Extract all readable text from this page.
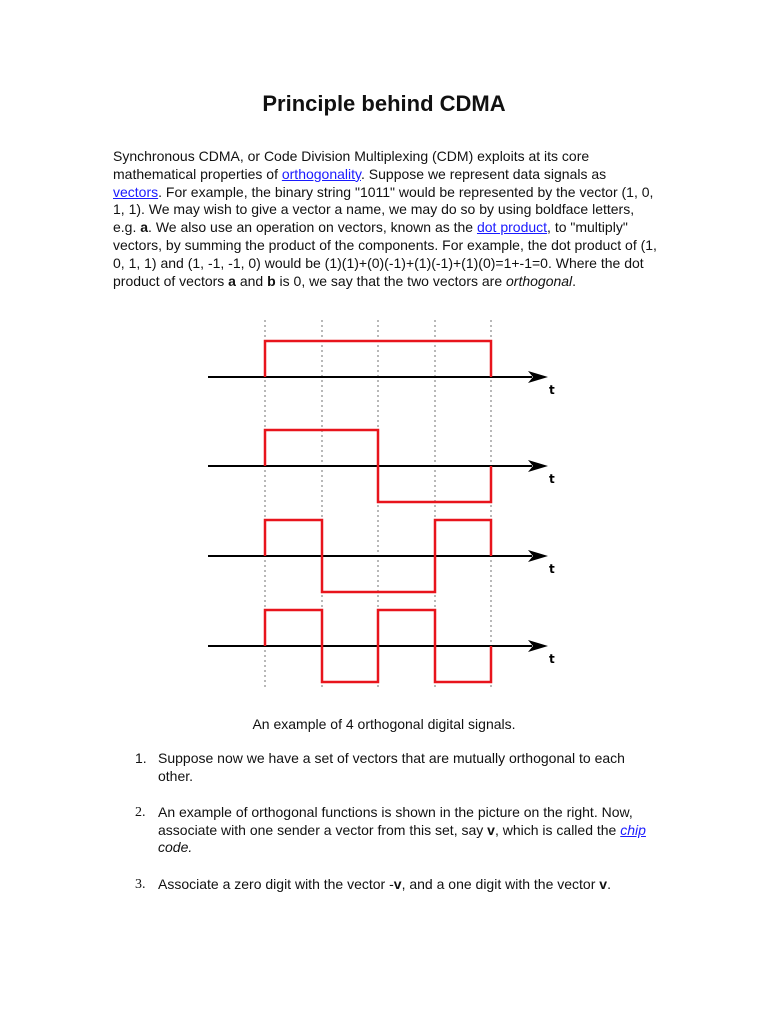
Principle behind CDMA

Synchronous CDMA, or Code Division Multiplexing (CDM) exploits at its core mathematical properties of orthogonality. Suppose we represent data signals as vectors. For example, the binary string "1011" would be represented by the vector (1, 0, 1, 1). We may wish to give a vector a name, we may do so by using boldface letters, e.g. a. We also use an operation on vectors, known as the dot product, to "multiply" vectors, by summing the product of the components. For example, the dot product of (1, 0, 1, 1) and (1, -1, -1, 0) would be (1)(1)+(0)(-1)+(1)(-1)+(1)(0)=1+-1=0. Where the dot product of vectors a and b is 0, we say that the two vectors are orthogonal.

t
t
t
t

An example of 4 orthogonal digital signals.

1. Suppose now we have a set of vectors that are mutually orthogonal to each other.
2. An example of orthogonal functions is shown in the picture on the right. Now, associate with one sender a vector from this set, say v, which is called the chip code.
3. Associate a zero digit with the vector -v, and a one digit with the vector v.
